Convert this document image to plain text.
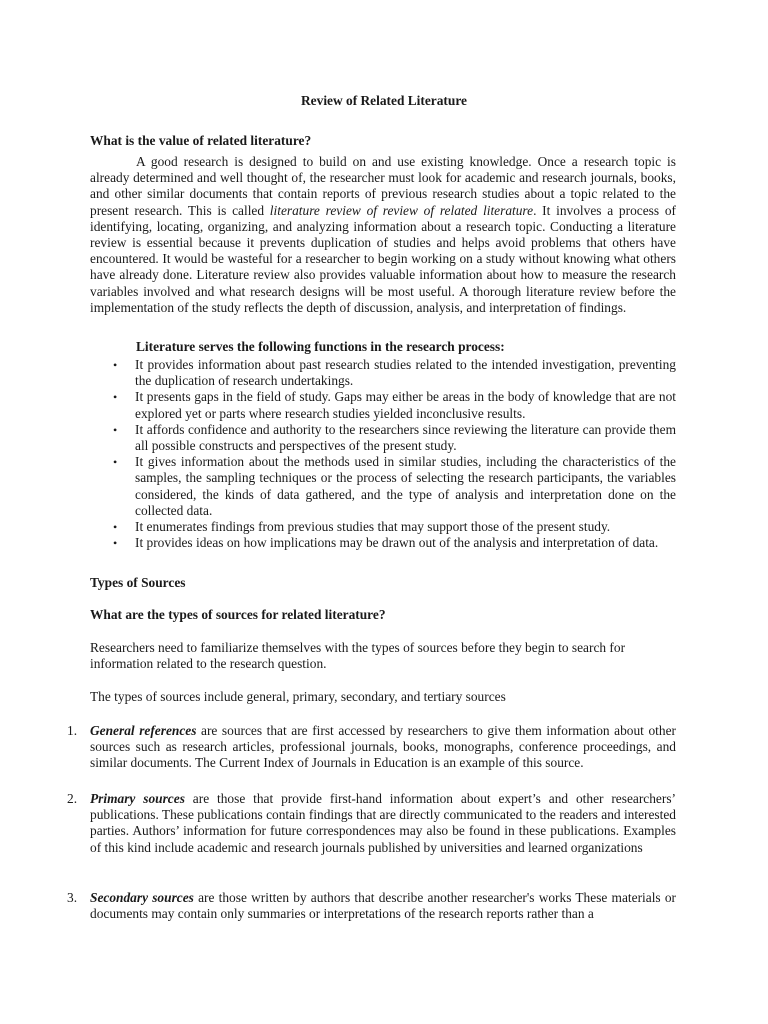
Review of Related Literature
What is the value of related literature?
A good research is designed to build on and use existing knowledge. Once a research topic is already determined and well thought of, the researcher must look for academic and research journals, books, and other similar documents that contain reports of previous research studies about a topic related to the present research. This is called literature review of review of related literature. It involves a process of identifying, locating, organizing, and analyzing information about a research topic. Conducting a literature review is essential because it prevents duplication of studies and helps avoid problems that others have encountered. It would be wasteful for a researcher to begin working on a study without knowing what others have already done. Literature review also provides valuable information about how to measure the research variables involved and what research designs will be most useful. A thorough literature review before the implementation of the study reflects the depth of discussion, analysis, and interpretation of findings.
Literature serves the following functions in the research process:
• It provides information about past research studies related to the intended investigation, preventing the duplication of research undertakings.
• It presents gaps in the field of study. Gaps may either be areas in the body of knowledge that are not explored yet or parts where research studies yielded inconclusive results.
• It affords confidence and authority to the researchers since reviewing the literature can provide them all possible constructs and perspectives of the present study.
• It gives information about the methods used in similar studies, including the characteristics of the samples, the sampling techniques or the process of selecting the research participants, the variables considered, the kinds of data gathered, and the type of analysis and interpretation done on the collected data.
• It enumerates findings from previous studies that may support those of the present study.
• It provides ideas on how implications may be drawn out of the analysis and interpretation of data.
Types of Sources
What are the types of sources for related literature?
Researchers need to familiarize themselves with the types of sources before they begin to search for information related to the research question.
The types of sources include general, primary, secondary, and tertiary sources
1. General references are sources that are first accessed by researchers to give them information about other sources such as research articles, professional journals, books, monographs, conference proceedings, and similar documents. The Current Index of Journals in Education is an example of this source.
2. Primary sources are those that provide first-hand information about expert’s and other researchers’ publications. These publications contain findings that are directly communicated to the readers and interested parties. Authors’ information for future correspondences may also be found in these publications. Examples of this kind include academic and research journals published by universities and learned organizations
3. Secondary sources are those written by authors that describe another researcher's works These materials or documents may contain only summaries or interpretations of the research reports rather than a
